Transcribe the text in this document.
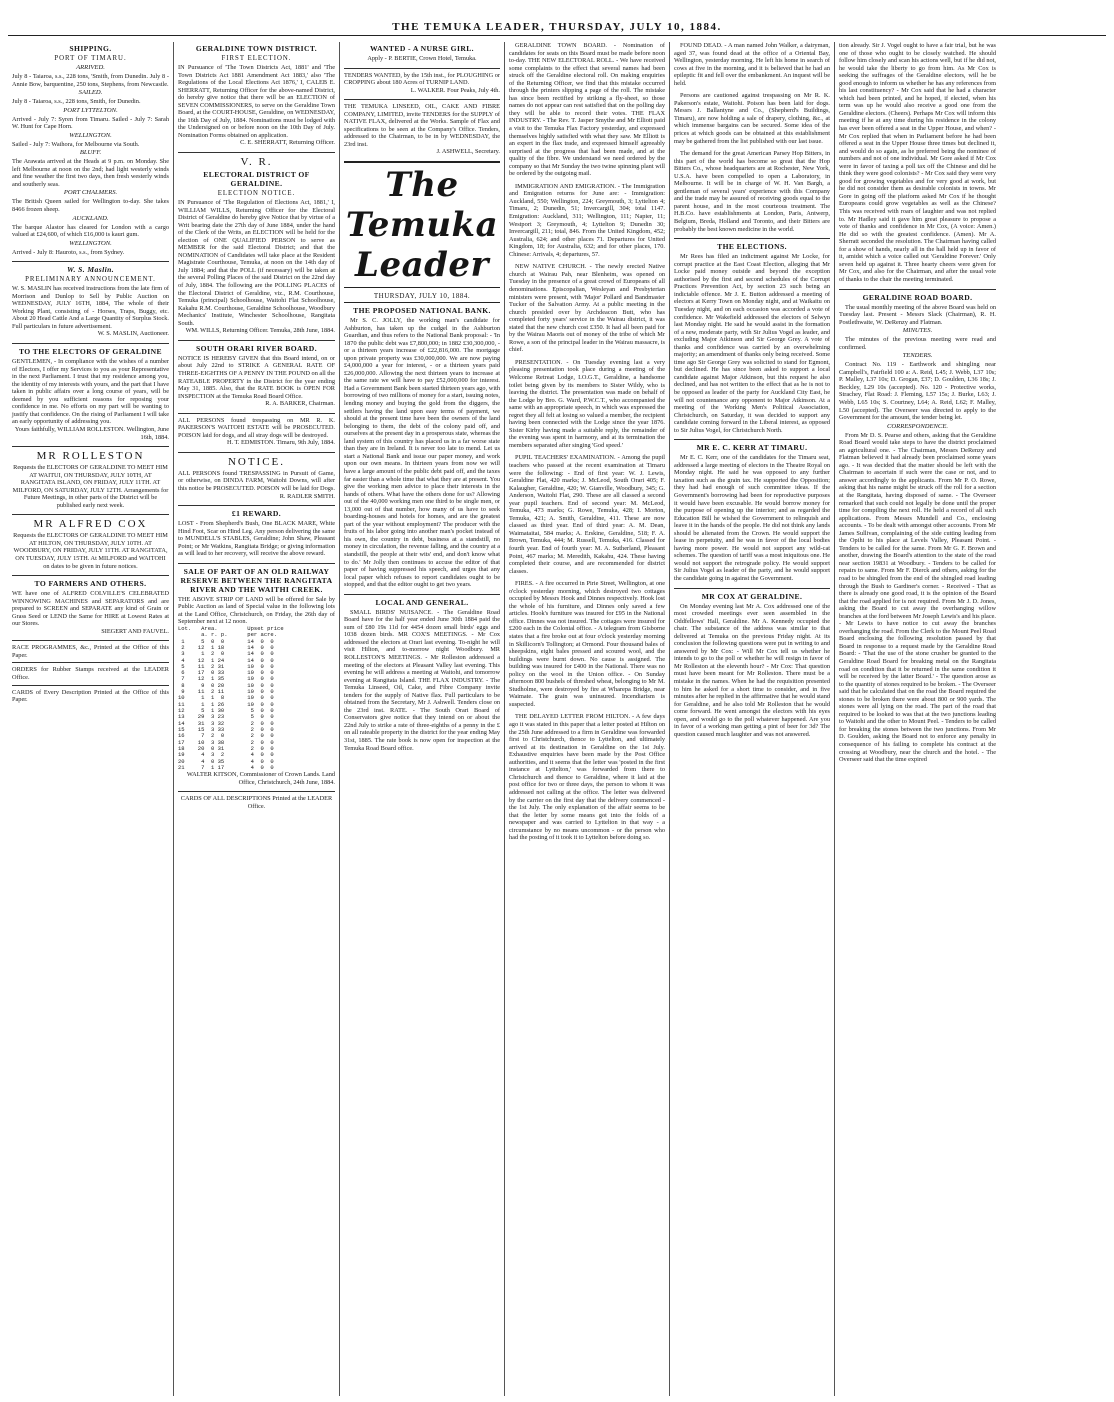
THE TEMUKA LEADER, THURSDAY, JULY 10, 1884.
SHIPPING.
PORT OF TIMARU.
ARRIVED.

July 8 - Taiaroa, s.s., 228 tons, 'Smith, from Dunedin. July 8 - Annie Bow, barquentine, 250 tons, Stephens, from Newcastle.

SAILED.

July 8 - Taiaroa, s.s., 228 tons, Smith, for Dunedin.

PORT LYTTELTON.

Arrived - July 7: Syren from Timaru. Sailed - July 7: Sarah W. Hunt for Cape Horn.

WELLINGTON.

Sailed - July 7: Waihora, for Melbourne via South.

BLUFF.

The Arawata arrived at the Heads at 9 p.m. on Monday. She left Melbourne at noon on the 2nd; had light westerly winds and fine weather the first two days, then fresh westerly winds and southerly seas.

PORT CHALMERS.

The British Queen sailed for Wellington to-day. She takes 8466 frozen sheep.

AUCKLAND.

The barque Alastor has cleared for London with a cargo valued at £24,600, of which £16,000 is kauri gum.

WELLINGTON.

Arrived - July 8: Hauroto, s.s., from Sydney.

W. S. Maslin.
PRELIMINARY ANNOUNCEMENT.

W. S. MASLIN has received instructions from the late firm of Morrison and Dunlop to Sell by Public Auction on WEDNESDAY, JULY 16TH, 1884, The whole of their Working Plant, consisting of - Horses, Traps, Buggy, etc. About 20 Head Cattle And a Large Quantity of Surplus Stock. Full particulars in future advertisement.

W. S. MASLIN, Auctioneer.
TO THE ELECTORS OF GERALDINE

GENTLEMEN, - In compliance with the wishes of a number of Electors, I offer my Services to you as your Representative in the next Parliament. I trust that my residence among you, the identity of my interests with yours, and the part that I have taken in public affairs over a long course of years, will be deemed by you sufficient reasons for reposing your confidence in me. No efforts on my part will be wanting to justify that confidence. On the rising of Parliament I will take an early opportunity of addressing you.

Yours faithfully, WILLIAM ROLLESTON. Wellington, June 16th, 1884.
MR ROLLESTON

Requests the ELECTORS OF GERALDINE TO MEET HIM AT WAITUI, ON THURSDAY, JULY 10TH, AT RANGITATA ISLAND, ON FRIDAY, JULY 11TH. AT MILFORD, ON SATURDAY, JULY 12TH. Arrangements for Future Meetings, in other parts of the District will be published early next week.

MR ALFRED COX

Requests the ELECTORS OF GERALDINE TO MEET HIM AT HILTON, ON THURSDAY, JULY 10TH. AT WOODBURY, ON FRIDAY, JULY 11TH. AT RANGITATA, ON TUESDAY, JULY 15TH. At MILFORD and WAITOHI on dates to be given in future notices.

TO FARMERS AND OTHERS.

WE have one of ALFRED COLVILLE'S CELEBRATED WINNOWING MACHINES and SEPARATORS and are prepared to SCREEN and SEPARATE any kind of Grain or Grass Seed or LEND the Same for HIRE at Lowest Rates at our Stores.

SIEGERT AND FAUVEL.

RACE PROGRAMMES, &c., Printed at the Office of this Paper.

ORDERS for Rubber Stamps received at the LEADER Office.

CARDS of Every Description Printed at the Office of this Paper.

GERALDINE TOWN DISTRICT.
FIRST ELECTION.

IN Pursuance of 'The Town Districts Act, 1881' and 'The Town Districts Act 1881 Amendment Act 1883,' also 'The Regulations of the Local Elections Act 1876,' I, CALEB E. SHERRATT, Returning Officer for the above-named District, do hereby give notice that there will be an ELECTION of SEVEN COMMISSIONERS, to serve on the Geraldine Town Board, at the COURT-HOUSE, Geraldine, on WEDNESDAY, the 16th Day of July, 1884. Nominations must be lodged with the Undersigned on or before noon on the 10th Day of July. Nomination Forms obtained on application.

C. E. SHERRATT, Returning Officer.
V. R.
ELECTORAL DISTRICT OF GERALDINE.
ELECTION NOTICE.

IN Pursuance of 'The Regulation of Elections Act, 1881,' I, WILLIAM WILLS, Returning Officer for the Electoral District of Geraldine do hereby give Notice that by virtue of a Writ bearing date the 27th day of June 1884, under the hand of the Clerk of the Writs, an ELECTION will be held for the election of ONE QUALIFIED PERSON to serve as MEMBER for the said Electoral District; and that the NOMINATION of Candidates will take place at the Resident Magistrate Courthouse, Temuka, at noon on the 14th day of July 1884; and that the POLL (if necessary) will be taken at the several Polling Places of the said District on the 22nd day of July, 1884. The following are the POLLING PLACES of the Electoral District of Geraldine, viz., R.M. Courthouse, Temuka (principal) Schoolhouse, Waitohi Flat Schoolhouse, Kakahu R.M. Courthouse, Geraldine Schoolhouse, Woodbury Mechanics' Institute, Winchester Schoolhouse, Rangitata South.

WM. WILLS, Returning Officer. Temuka, 28th June, 1884.
SOUTH ORARI RIVER BOARD.

NOTICE IS HEREBY GIVEN that this Board intend, on or about July 22nd to STRIKE A GENERAL RATE OF THREE-EIGHTHS OF A PENNY IN THE POUND on all the RATEABLE PROPERTY in the District for the year ending May 31, 1885. Also, that the RATE BOOK is OPEN FOR INSPECTION at the Temuka Road Board Office.

R. A. BARKER, Chairman.

ALL PERSONS found trespassing on MR R. K. PAKERSON'S WAITOHI ESTATE will be PROSECUTED. POISON laid for dogs, and all stray dogs will be destroyed.

H. T. EDMISTON. Timaru, 9th July, 1884.
NOTICE.

ALL PERSONS found TRESPASSING in Pursuit of Game, or otherwise, on DINDA FARM, Waitohi Downs, will after this notice be PROSECUTED. POISON will be laid for Dogs.

R. RADLER SMITH.
£1 REWARD.

LOST - From Shepherd's Bush, One BLACK MARE, White Hind Foot, Scar on Hind Leg. Any person delivering the same to MUNDELL'S STABLES, Geraldine; John Shaw, Pleasant Point; or Mr Watkins, Rangitata Bridge; or giving information as will lead to her recovery, will receive the above reward.

SALE OF PART OF AN OLD RAILWAY RESERVE BETWEEN THE RANGITATA RIVER AND THE WAITHI CREEK.

THE ABOVE STRIP OF LAND will be offered for Sale by Public Auction as land of Special value in the following lots at the Land Office, Christchurch, on Friday, the 26th day of September next at 12 noon.

Lot.   Area.         Upset price
a. r. p.      per acre.
1     5  0  0       14  0  0
2    12  1 18       14  0  0
3     1  2  0       14  0  0
4    12  1 24       14  0  0
5    11  2 31       10  0  0
6    17  0 33       10  0  0
7    12  1 35       10  0  0
8     9  0 20       10  0  0
9    11  2 11       10  0  0
10     1  1  8       10  0  0
11     1  1 26       10  0  0
12     5  1 30        5  0  0
13    29  3 23        5  0  0
14    31  3 32        2  0  0
15    15  3 33        2  0  0
16     7  2  0        2  0  0
17    10  3 38        2  0  0
18    20  0 31        2  0  0
19     4  3  2        4  0  0
20     4  0 35        4  0  0
21     7  1 17        4  0  0
WALTER KITSON, Commissioner of Crown Lands. Land Office, Christchurch, 24th June, 1884.

CARDS OF ALL DESCRIPTIONS Printed at the LEADER Office.

WANTED - A NURSE GIRL.

Apply - P. BERTIE, Crown Hotel, Temuka.

TENDERS WANTED, by the 15th inst., for PLOUGHING or CROPPING about 180 Acres of TURNIP LAND.

L. WALKER. Four Peaks, July 4th.

THE TEMUKA LINSEED, OIL, CAKE AND FIBRE COMPANY, LIMITED, invite TENDERS for the SUPPLY of NATIVE FLAX, delivered at the Works. Sample of Flax and specifications to be seen at the Company's Office. Tenders, addressed to the Chairman, to be in by WEDNESDAY, the 23rd inst.

J. ASHWELL, Secretary.
The Temuka Leader
THURSDAY, JULY 10, 1884.
THE PROPOSED NATIONAL BANK.

Mr S. C. JOLLY, the working man's candidate for Ashburton, has taken up the cudgel in the Ashburton Guardian, and thus refers to the National Bank proposal: - 'In 1870 the public debt was £7,800,000; in 1882 £30,300,000, - or a thirteen years increase of £22,816,000. The mortgage upon private property was £30,000,000. We are now paying £4,000,000 a year for interest, - or a thirteen years paid £26,000,000. Allowing the next thirteen years to increase at the same rate we will have to pay £52,000,000 for interest. Had a Government Bank been started thirteen years ago, with borrowing of two millions of money for a start, issuing notes, lending money and buying the gold from the diggers, the settlers having the land upon easy terms of payment, we should at the present time have been the owners of the land belonging to them, the debt of the colony paid off, and ourselves at the present day in a prosperous state, whereas the land system of this country has placed us in a far worse state than they are in Ireland. It is never too late to mend. Let us start a National Bank and issue our paper money, and work upon our own means. In thirteen years from now we will have a large amount of the public debt paid off, and the taxes far easier than a whole time that what they are at present. You give the working men advice to place their interests in the hands of others. What have the others done for us? Allowing out of the 40,000 working men one third to be single men, or 13,000 out of that number, how many of us have to seek boarding-houses and hotels for homes, and are the greatest part of the year without employment? The producer with the fruits of his labor going into another man's pocket instead of his own, the country in debt, business at a standstill, no money in circulation, the revenue falling, and the country at a standstill, the people at their wits' end, and don't know what to do.' Mr Jolly then continues to accuse the editor of that paper of having suppressed his speech, and urges that any local paper which refuses to report candidates ought to be stopped, and that the editor ought to get two years.

LOCAL AND GENERAL.

SMALL BIRDS' NUISANCE. - The Geraldine Road Board have for the half year ended June 30th 1884 paid the sum of £80 19s 11d for 4454 dozen small birds' eggs and 1038 dozen birds. MR COX'S MEETINGS. - Mr Cox addressed the electors at Orari last evening. To-night he will visit Hilton, and to-morrow night Woodbury. MR ROLLESTON'S MEETINGS. - Mr Rolleston addressed a meeting of the electors at Pleasant Valley last evening. This evening he will address a meeting at Waitohi, and tomorrow evening at Rangitata Island. THE FLAX INDUSTRY. - The Temuka Linseed, Oil, Cake, and Fibre Company invite tenders for the supply of Native flax. Full particulars to be obtained from the Secretary, Mr J. Ashwell. Tenders close on the 23rd inst. RATE. - The South Orari Board of Conservators give notice that they intend on or about the 22nd July to strike a rate of three-eighths of a penny in the £ on all rateable property in the district for the year ending May 31st, 1885. The rate book is now open for inspection at the Temuka Road Board office.

GERALDINE TOWN BOARD. - Nomination of candidates for seats on this Board must be made before noon to-day. THE NEW ELECTORAL ROLL. - We have received some complaints to the effect that several names had been struck off the Geraldine electoral roll. On making enquiries of the Returning Officer, we find that this mistake occurred through the printers slipping a page of the roll. The mistake has since been rectified by striking a fly-sheet, so those names do not appear can rest satisfied that on the polling day they will be able to record their votes. THE FLAX INDUSTRY. - The Rev. T. Jasper Smythe and Mr Elliott paid a visit to the Temuka Flax Factory yesterday, and expressed themselves highly satisfied with what they saw. Mr Elliott is an expert in the flax trade, and expressed himself agreeably surprised at the progress that had been made, and at the quality of the fibre. We understand we need ordered by the company so that Mr Sunday the two twine spinning plant will be ordered by the outgoing mail.

IMMIGRATION AND EMIGRATION. - The Immigration and Emigration returns for June are: - Immigration: Auckland, 550; Wellington, 224; Greymouth, 3; Lyttelton 4; Timaru, 2; Dunedin, 51; Invercargill, 304; total 1147. Emigration: Auckland, 311; Wellington, 111; Napier, 11; Westport 3; Greymouth, 4; Lyttelton 9; Dunedin 30; Invercargill, 211; total, 846. From the United Kingdom, 452; Australia, 624; and other places 71. Departures for United Kingdom, 18; for Australia, 632; and for other places, 170. Chinese: Arrivals, 4; departures, 57.

NEW NATIVE CHURCH. - The newly erected Native church at Wairau Pah, near Blenheim, was opened on Tuesday in the presence of a great crowd of Europeans of all denominations. Episcopalian, Wesleyan and Presbyterian ministers were present, with 'Major' Pollard and Bandmaster Tucker of the Salvation Army. At a public meeting in the church presided over by Archdeacon Butt, who has completed forty years' service in the Wairau district, it was stated that the new church cost £350. It had all been paid for by the Wairau Maoris out of money of the tribe of which Mr Rowe, a son of the principal leader in the Wairau massacre, is chief.

PRESENTATION. - On Tuesday evening last a very pleasing presentation took place during a meeting of the Welcome Retreat Lodge, I.O.G.T., Geraldine, a handsome toilet being given by its members to Sister Wildy, who is leaving the district. The presentation was made on behalf of the Lodge by Bro. G. Ward, P.W.C.T., who accompanied the same with an appropriate speech, in which was expressed the regret they all felt at losing so valued a member, the recipient having been connected with the Lodge since the year 1876. Sister Kirby having made a suitable reply, the remainder of the evening was spent in harmony, and at its termination the members separated after singing 'God speed.'

PUPIL TEACHERS' EXAMINATION. - Among the pupil teachers who passed at the recent examination at Timaru were the following: - End of first year: W. J. Lewis, Geraldine Flat, 420 marks; J. McLeod, South Orari 405; F. Kalaugher, Geraldine, 420; W. Gianville, Woodbury, 345; G. Anderson, Waitohi Flat, 290. These are all classed a second year pupil teachers. End of second year: M. McLeod, Temuka, 473 marks; G. Rowe, Temuka, 428; I. Morton, Temuka, 421; A. Smith, Geraldine, 411. These are now classed as third year. End of third year: A. M. Dean, Waimataitai, 584 marks; A. Erskine, Geraldine, 518; F. A. Brown, Temuka, 444; M. Russell, Temuka, 416. Classed for fourth year. End of fourth year: M. A. Sutherland, Pleasant Point, 467 marks; M. Meredith, Kakahu, 424. These having completed their course, and are recommended for district classes.

FIRES. - A fire occurred in Pirie Street, Wellington, at one o'clock yesterday morning, which destroyed two cottages occupied by Messrs Hook and Dinnes respectively. Hook lost the whole of his furniture, and Dinnes only saved a few articles. Hook's furniture was insured for £95 in the National office. Dinnes was not insured. The cottages were insured for £200 each in the Colonial office. - A telegram from Gisborne states that a fire broke out at four o'clock yesterday morning in Skillicorn's Tollington; at Ormond. Four thousand bales of sheepskins, eight bales pressed and scoured wool, and the buildings were burnt down. No cause is assigned. The building was insured for £400 in the National. There was no policy on the wool in the Union office. - On Sunday afternoon 800 bushels of threshed wheat, belonging to Mr M. Studholme, were destroyed by fire at Wharepa Bridge, near Waimate. The grain was uninsured. Incendiarism is suspected.

THE DELAYED LETTER FROM HILTON. - A few days ago it was stated in this paper that a letter posted at Hilton on the 25th June addressed to a firm in Geraldine was forwarded first to Christchurch, thence to Lyttelton, and ultimately arrived at its destination in Geraldine on the 1st July. Exhaustive enquiries have been made by the Post Office authorities, and it seems that the letter was 'posted in the first instance at Lyttelton,' was forwarded from there to Christchurch and thence to Geraldine, where it laid at the post office for two or three days, the person to whom it was addressed not calling at the office. The letter was delivered by the carrier on the first day that the delivery commenced - the 1st July. The only explanation of the affair seems to be that the letter by some means got into the folds of a newspaper and was carried to Lyttelton in that way - a circumstance by no means uncommon - or the person who had the posting of it took it to Lyttelton before doing so.

FOUND DEAD. - A man named John Walker, a dairyman, aged 37, was found dead at the office of a Oriental Bay, Wellington, yesterday morning. He left his home in search of cows at five in the morning, and it is believed that he had an epileptic fit and fell over the embankment. An inquest will be held.

Persons are cautioned against trespassing on Mr R. K. Pakerson's estate, Waitohi. Poison has been laid for dogs. Messrs J. Ballantyne and Co., (Shepherd's Buildings, Timaru), are now holding a sale of drapery, clothing, &c., at which immense bargains can be secured. Some idea of the prices at which goods can be obtained at this establishment may be gathered from the list published with our last issue.

The demand for the great American Parsey Hop Bitters, in this part of the world has become so great that the Hop Bitters Co., whose headquarters are at Rochester, New York, U.S.A. have been compelled to open a Laboratory, in Melbourne. It will be in charge of W. H. Van Bargh, a gentleman of several years' experience with this Company and the trade may be assured of receiving goods equal to the parent house, and in the most courteous treatment. The H.B.Co. have establishments at London, Paris, Antwerp, Belgium, Breda, Holland and Toronto, and their Bitters are probably the best known medicine in the world.

THE ELECTIONS.

Mr Rees has filed an indictment against Mr Locke, for corrupt practice at the East Coast Election, alleging that Mr Locke paid money outside and beyond the exception authorised by the first and second schedules of the Corrupt Practices Prevention Act, by section 23 such being an indictable offence. Mr J. E. Button addressed a meeting of electors at Kerry Town on Monday night, and at Waikaitu on Tuesday night, and on each occasion was accorded a vote of confidence. Mr Wakefield addressed the electors of Selwyn last Monday night. He said he would assist in the formation of a new, moderate party, with Sir Julius Vogel as leader, and excluding Major Atkinson and Sir George Grey. A vote of thanks and confidence was carried by an overwhelming majority; an amendment of thanks only being received. Some time ago Sir George Grey was solicited to stand for Egmont, but declined. He has since been asked to support a local candidate against Major Atkinson, but this request he also declined, and has not written to the effect that as he is not to be opposed as leader of the party for Auckland City East, he will not countenance any opponent to Major Atkinson. At a meeting of the Working Men's Political Association, Christchurch, on Saturday, it was decided to support any candidate coming forward in the Liberal interest, as opposed to Sir Julius Vogel, for Christchurch North.

MR E. C. KERR AT TIMARU.

Mr E. C. Kerr, one of the candidates for the Timaru seat, addressed a large meeting of electors in the Theatre Royal on Monday night. He said he was opposed to any further taxation such as the grain tax. He supported the Opposition; they had had enough of such committee ideas. If the Government's borrowing had been for reproductive purposes it would have been excusable. He would borrow money for the purpose of opening up the interior; and as regarded the Education Bill he wished the Government to relinquish and leave it in the hands of the people. He did not think any lands should be alienated from the Crown. He would support the lease in perpetuity, and he was in favor of the local bodies having more power. He would not support any wild-cat schemes. The question of tariff was a most iniquitous one. He would not support the retrograde policy. He would support Sir Julius Vogel as leader of the party, and he would support the candidate going in against the Government.

MR COX AT GERALDINE.

On Monday evening last Mr A. Cox addressed one of the most crowded meetings ever seen assembled in the Oddfellows' Hall, Geraldine. Mr A. Kennedy occupied the chair. The substance of the address was similar to that delivered at Temuka on the previous Friday night. At its conclusion the following questions were put in writing to and answered by Mr Cox: - Will Mr Cox tell us whether he intends to go to the poll or whether he will resign in favor of Mr Rolleston at the eleventh hour? - Mr Cox: That question must have been meant for Mr Rolleston. There must be a mistake in the names. When he had the requisition presented to him he asked for a short time to consider, and in five minutes after he replied in the affirmative that he would stand for Geraldine, and he also told Mr Rolleston that he would come forward. He went amongst the electors with his eyes open, and would go to the poll whatever happened. Are you in favor of a working man getting a pint of beer for 3d? The question caused much laughter and was not answered.

tion already. Sir J. Vogel ought to have a fair trial, but he was one of those who ought to be closely watched. He should follow him closely and scan his actions well, but if he did not, he would take the liberty to go from him. As Mr Cox is seeking the suffrages of the Geraldine electors, will he be good enough to inform us whether he has any references from his last constituency? - Mr Cox said that he had a character which had been printed, and he hoped, if elected, when his term was up he would also receive a good one from the Geraldine electors. (Cheers). Perhaps Mr Cox will inform this meeting if he at any time during his residence in the colony has ever been offered a seat in the Upper House, and when? - Mr Cox replied that when in Parliament before he had been offered a seat in the Upper House three times but declined it, and would do so again, as he preferred being the nominee of numbers and not of one individual. Mr Gore asked if Mr Cox were in favor of taxing a poll tax off the Chinese and did he think they were good colonists? - Mr Cox said they were very good for growing vegetables and for very good at work, but he did not consider them as desirable colonists in towns. Mr Gore in going off the platform asked Mr Cox if he thought Europeans could grow vegetables as well as the Chinese? This was received with roars of laughter and was not replied to. Mr Hadley said it gave him great pleasure to propose a vote of thanks and confidence in Mr Cox, (A voice: Amen.) He did so with the greatest confidence. (Amen). Mr A. Sherratt seconded the resolution. The Chairman having called for a show of hands, nearly all in the hall held up in favor of it, amidst which a voice called out 'Geraldine Forever.' Only seven held up against it. Three hearty cheers were given for Mr Cox, and also for the Chairman, and after the usual vote of thanks to the chair the meeting terminated.

GERALDINE ROAD BOARD.

The usual monthly meeting of the above Board was held on Tuesday last. Present - Messrs Slack (Chairman), R. H. Postlethwaite, W. DeRenzy and Flatman.

MINUTES.

The minutes of the previous meeting were read and confirmed.

TENDERS.

Contract No. 119 - Earthwork and shingling near Campbell's, Fairfield 100 a: A. Reid, L45; J. Webb, L37 10s; P. Malley, L37 10s; D. Grogan, £37; D. Goulden, L36 18s; J. Beckley, L29 10s (accepted). No. 120 - Protective works, Strachey, Flat Road: J. Fleming, L57 15s; J. Burke, L63; J. Webb, L65 10s; S. Courtney, L64; A. Reid, L62; F. Malley, L50 (accepted). The Overseer was directed to apply to the Government for the amount, the tender being let.

CORRESPONDENCE.

From Mr D. S. Pearse and others, asking that the Geraldine Road Board would take steps to have the district proclaimed an agricultural one. - The Chairman, Messrs DeRenzy and Flatman believed it had already been proclaimed some years ago. - It was decided that the matter should be left with the Chairman to ascertain if such were the case or not, and to answer accordingly to the applicants. From Mr P. O. Rowe, asking that his name might be struck off the roll for a section at the Rangitata, having disposed of same. - The Overseer remarked that such could not legally be done until the proper time for compiling the next roll. He held a record of all such applications. From Messrs Mundell and Co., enclosing accounts. - To be dealt with amongst other accounts. From Mr James Sullivan, complaining of the side cutting leading from the Opihi to his place at Levels Valley, Pleasant Point. - Tenders to be called for the same. From Mr G. F. Brown and another, drawing the Board's attention to the state of the road near section 19831 at Woodbury. - Tenders to be called for repairs to same. From Mr F. Dierck and others, asking for the road to be shingled from the end of the shingled road leading through the Bush to Gardiner's corner. - Received - That as there is already one good road, it is the opinion of the Board that the road applied for is not required. From Mr J. D. Jones, asking the Board to cut away the overhanging willow branches at the ford between Mr Joseph Lewis's and his place. - Mr Lewis to have notice to cut away the branches overhanging the road. From the Clerk to the Mount Peel Road Board enclosing the following resolution passed by that Board in response to a request made by the Geraldine Road Board: - 'That the use of the stone crusher be granted to the Geraldine Road Board for breaking metal on the Rangitata road on condition that it be returned in the same condition it will be received by the latter Board.' - The question arose as to the quantity of stones required to be broken. - The Overseer said that he calculated that on the road the Board required the stones to be broken there were about 800 or 900 yards. The stones were all lying on the road. The part of the road that required to be looked to was that at the two junctions leading to Waitohi and the other to Mount Peel. - Tenders to be called for breaking the stones between the two junctions. From Mr D. Goulden, asking the Board not to enforce any penalty in consequence of his failing to complete his contract at the crossing at Woodbury, near the church and the hotel. - The Overseer said that the time expired
